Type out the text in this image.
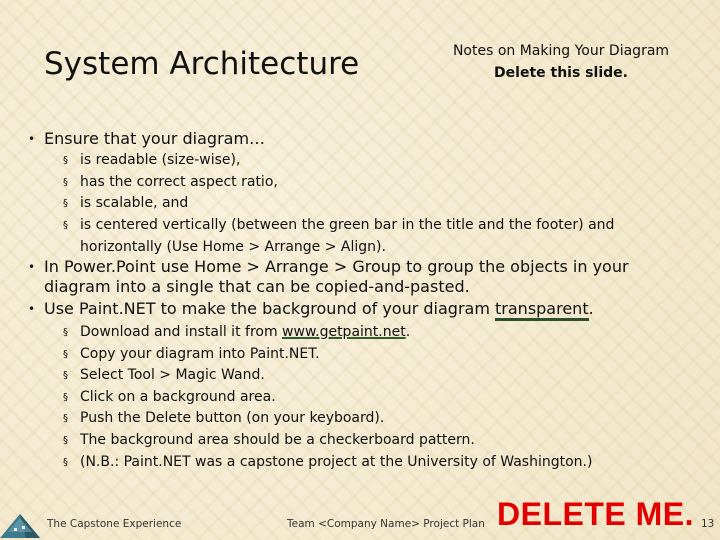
System Architecture	Notes on Making Your Diagram
Delete this slide.
• Ensure that your diagram…
§ is readable (size-wise),
§ has the correct aspect ratio,
§ is scalable, and
§ is centered vertically (between the green bar in the title and the footer) and horizontally (Use Home > Arrange > Align).
• In Power.Point use Home > Arrange > Group to group the objects in your diagram into a single that can be copied-and-pasted.
• Use Paint.NET to make the background of your diagram transparent.
§ Download and install it from www.getpaint.net.
§ Copy your diagram into Paint.NET.
§ Select Tool > Magic Wand.
§ Click on a background area.
§ Push the Delete button (on your keyboard).
§ The background area should be a checkerboard pattern.
§ (N.B.: Paint.NET was a capstone project at the University of Washington.)
The Capstone Experience	Team <Company Name> Project Plan DELETE ME. 13
